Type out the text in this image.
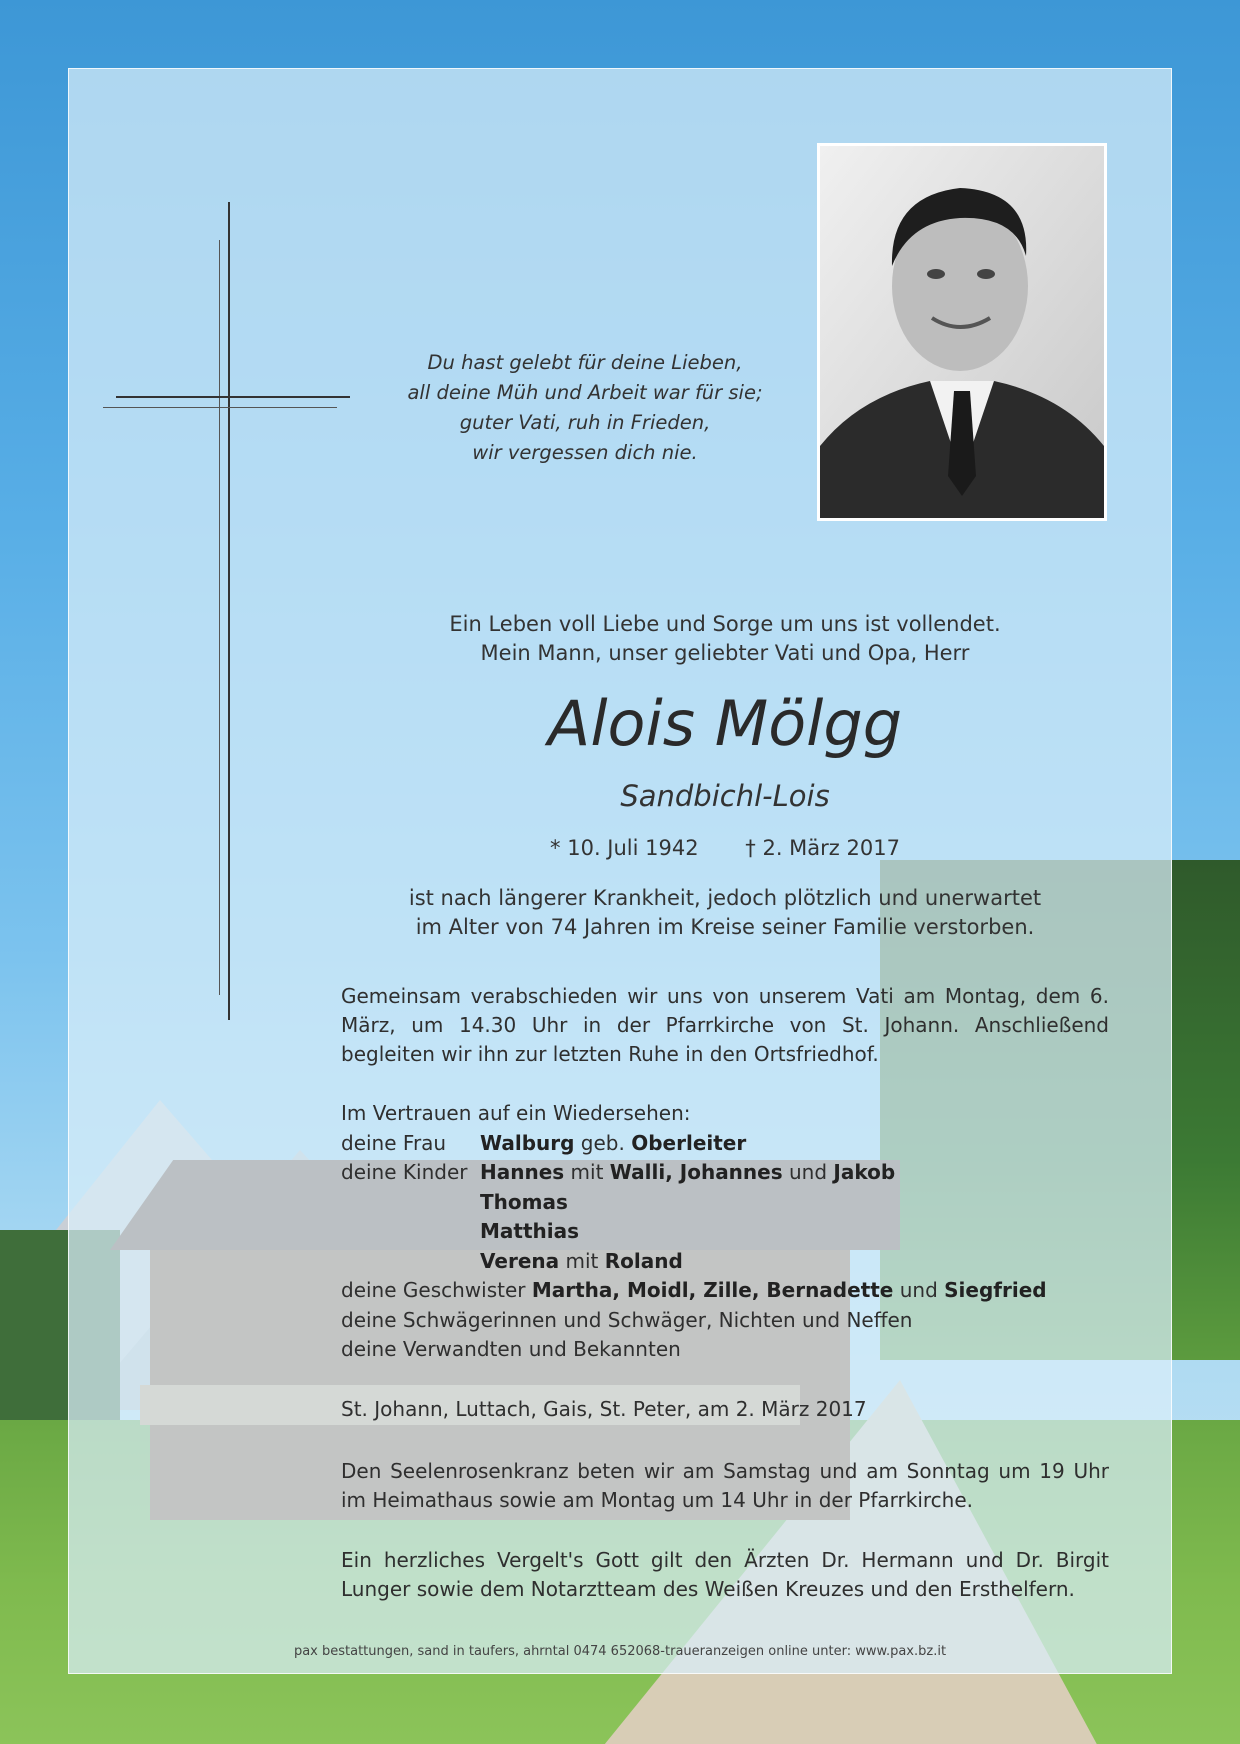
Du hast gelebt für deine Lieben,
all deine Müh und Arbeit war für sie;
guter Vati, ruh in Frieden,
wir vergessen dich nie.
Ein Leben voll Liebe und Sorge um uns ist vollendet.
Mein Mann, unser geliebter Vati und Opa, Herr
Alois Mölgg
Sandbichl-Lois
* 10. Juli 1942 † 2. März 2017
ist nach längerer Krankheit, jedoch plötzlich und unerwartet
im Alter von 74 Jahren im Kreise seiner Familie verstorben.
Gemeinsam verabschieden wir uns von unserem Vati am Montag, dem 6. März, um 14.30 Uhr in der Pfarrkirche von St. Johann. Anschließend begleiten wir ihn zur letzten Ruhe in den Ortsfriedhof.
Im Vertrauen auf ein Wiedersehen:
deine Frau Walburg geb. Oberleiter
deine Kinder Hannes mit Walli, Johannes und Jakob
Thomas
Matthias
Verena mit Roland
deine Geschwister Martha, Moidl, Zille, Bernadette und Siegfried
deine Schwägerinnen und Schwäger, Nichten und Neffen
deine Verwandten und Bekannten
St. Johann, Luttach, Gais, St. Peter, am 2. März 2017
Den Seelenrosenkranz beten wir am Samstag und am Sonntag um 19 Uhr im Heimathaus sowie am Montag um 14 Uhr in der Pfarrkirche.
Ein herzliches Vergelt's Gott gilt den Ärzten Dr. Hermann und Dr. Birgit Lunger sowie dem Notarztteam des Weißen Kreuzes und den Ersthelfern.
pax bestattungen, sand in taufers, ahrntal 0474 652068-traueranzeigen online unter: www.pax.bz.it
